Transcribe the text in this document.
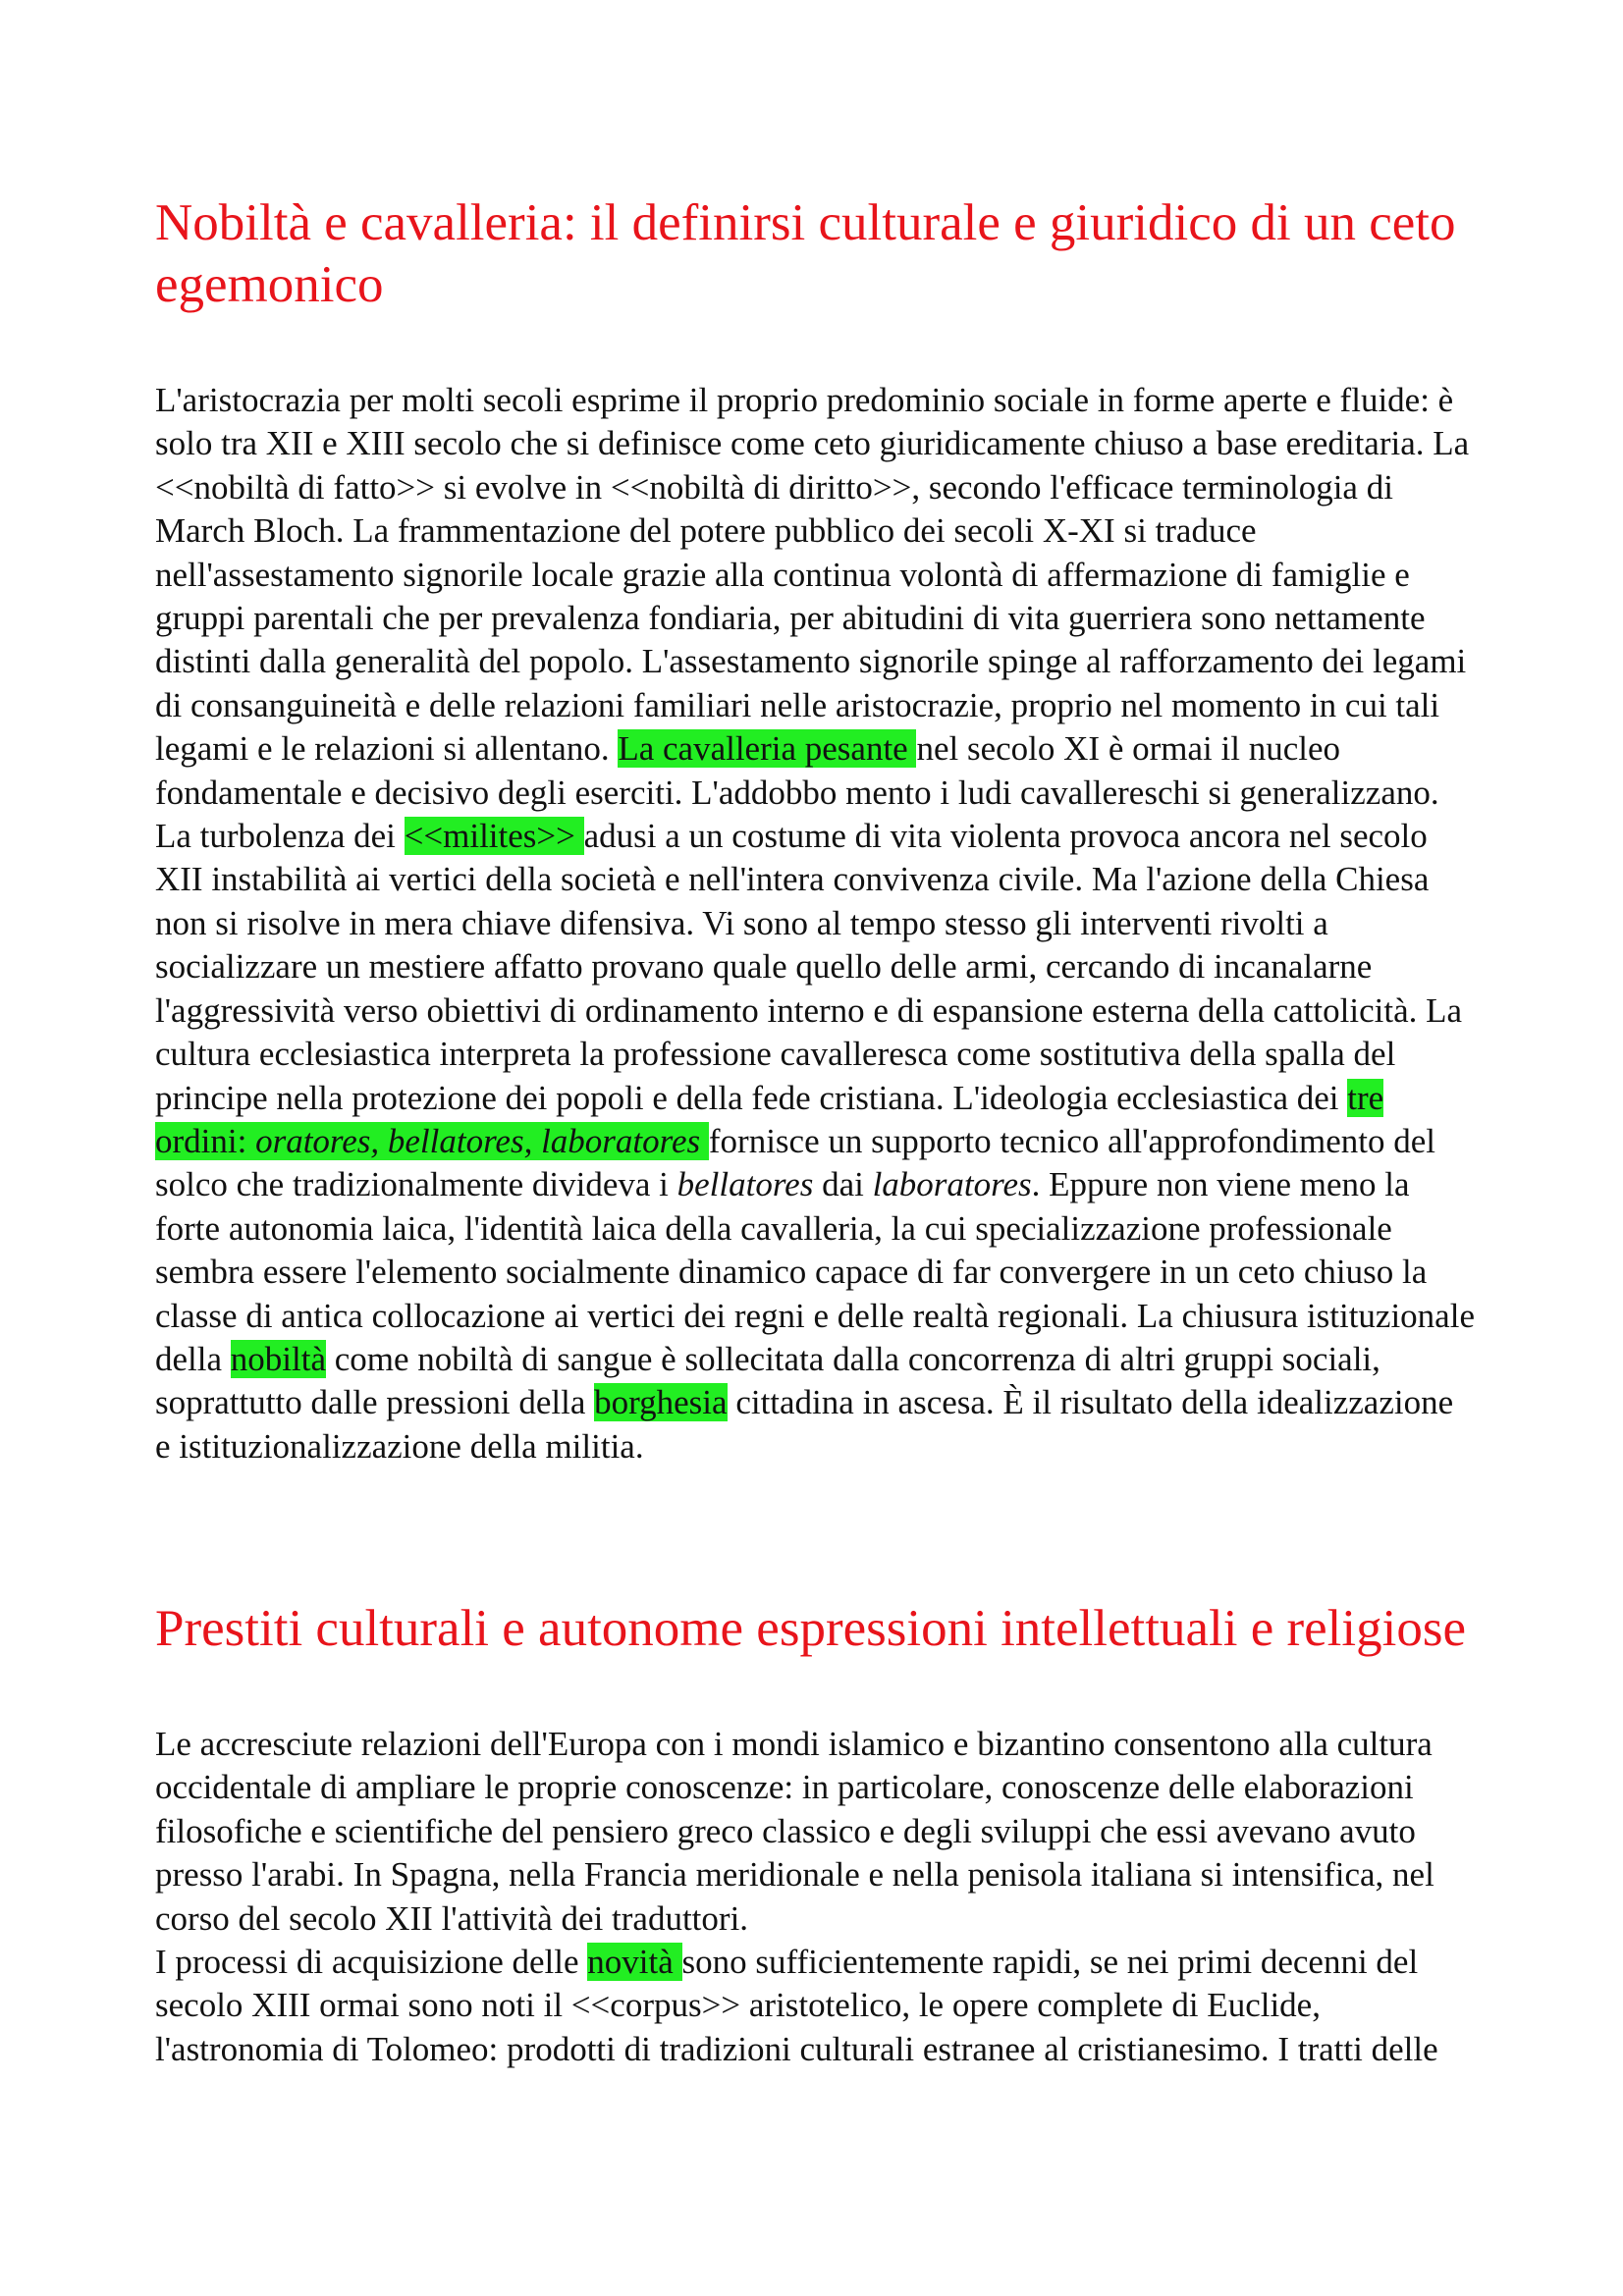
Nobiltà e cavalleria: il definirsi culturale e giuridico di un ceto
egemonico
L'aristocrazia per molti secoli esprime il proprio predominio sociale in forme aperte e fluide: è
solo tra XII e XIII secolo che si definisce come ceto giuridicamente chiuso a base ereditaria. La
<<nobiltà di fatto>> si evolve in <<nobiltà di diritto>>, secondo l'efficace terminologia di
March Bloch. La frammentazione del potere pubblico dei secoli X-XI si traduce
nell'assestamento signorile locale grazie alla continua volontà di affermazione di famiglie e
gruppi parentali che per prevalenza fondiaria, per abitudini di vita guerriera sono nettamente
distinti dalla generalità del popolo. L'assestamento signorile spinge al rafforzamento dei legami
di consanguineità e delle relazioni familiari nelle aristocrazie, proprio nel momento in cui tali
legami e le relazioni si allentano. La cavalleria pesante nel secolo XI è ormai il nucleo
fondamentale e decisivo degli eserciti. L'addobbo mento i ludi cavallereschi si generalizzano.
La turbolenza dei <<milites>> adusi a un costume di vita violenta provoca ancora nel secolo
XII instabilità ai vertici della società e nell'intera convivenza civile. Ma l'azione della Chiesa
non si risolve in mera chiave difensiva. Vi sono al tempo stesso gli interventi rivolti a
socializzare un mestiere affatto provano quale quello delle armi, cercando di incanalarne
l'aggressività verso obiettivi di ordinamento interno e di espansione esterna della cattolicità. La
cultura ecclesiastica interpreta la professione cavalleresca come sostitutiva della spalla del
principe nella protezione dei popoli e della fede cristiana. L'ideologia ecclesiastica dei tre
ordini: oratores, bellatores, laboratores fornisce un supporto tecnico all'approfondimento del
solco che tradizionalmente divideva i bellatores dai laboratores. Eppure non viene meno la
forte autonomia laica, l'identità laica della cavalleria, la cui specializzazione professionale
sembra essere l'elemento socialmente dinamico capace di far convergere in un ceto chiuso la
classe di antica collocazione ai vertici dei regni e delle realtà regionali. La chiusura istituzionale
della nobiltà come nobiltà di sangue è sollecitata dalla concorrenza di altri gruppi sociali,
soprattutto dalle pressioni della borghesia cittadina in ascesa. È il risultato della idealizzazione
e istituzionalizzazione della militia.
Prestiti culturali e autonome espressioni intellettuali e religiose
Le accresciute relazioni dell'Europa con i mondi islamico e bizantino consentono alla cultura
occidentale di ampliare le proprie conoscenze: in particolare, conoscenze delle elaborazioni
filosofiche e scientifiche del pensiero greco classico e degli sviluppi che essi avevano avuto
presso l'arabi. In Spagna, nella Francia meridionale e nella penisola italiana si intensifica, nel
corso del secolo XII l'attività dei traduttori.
I processi di acquisizione delle novità sono sufficientemente rapidi, se nei primi decenni del
secolo XIII ormai sono noti il <<corpus>> aristotelico, le opere complete di Euclide,
l'astronomia di Tolomeo: prodotti di tradizioni culturali estranee al cristianesimo. I tratti delle
